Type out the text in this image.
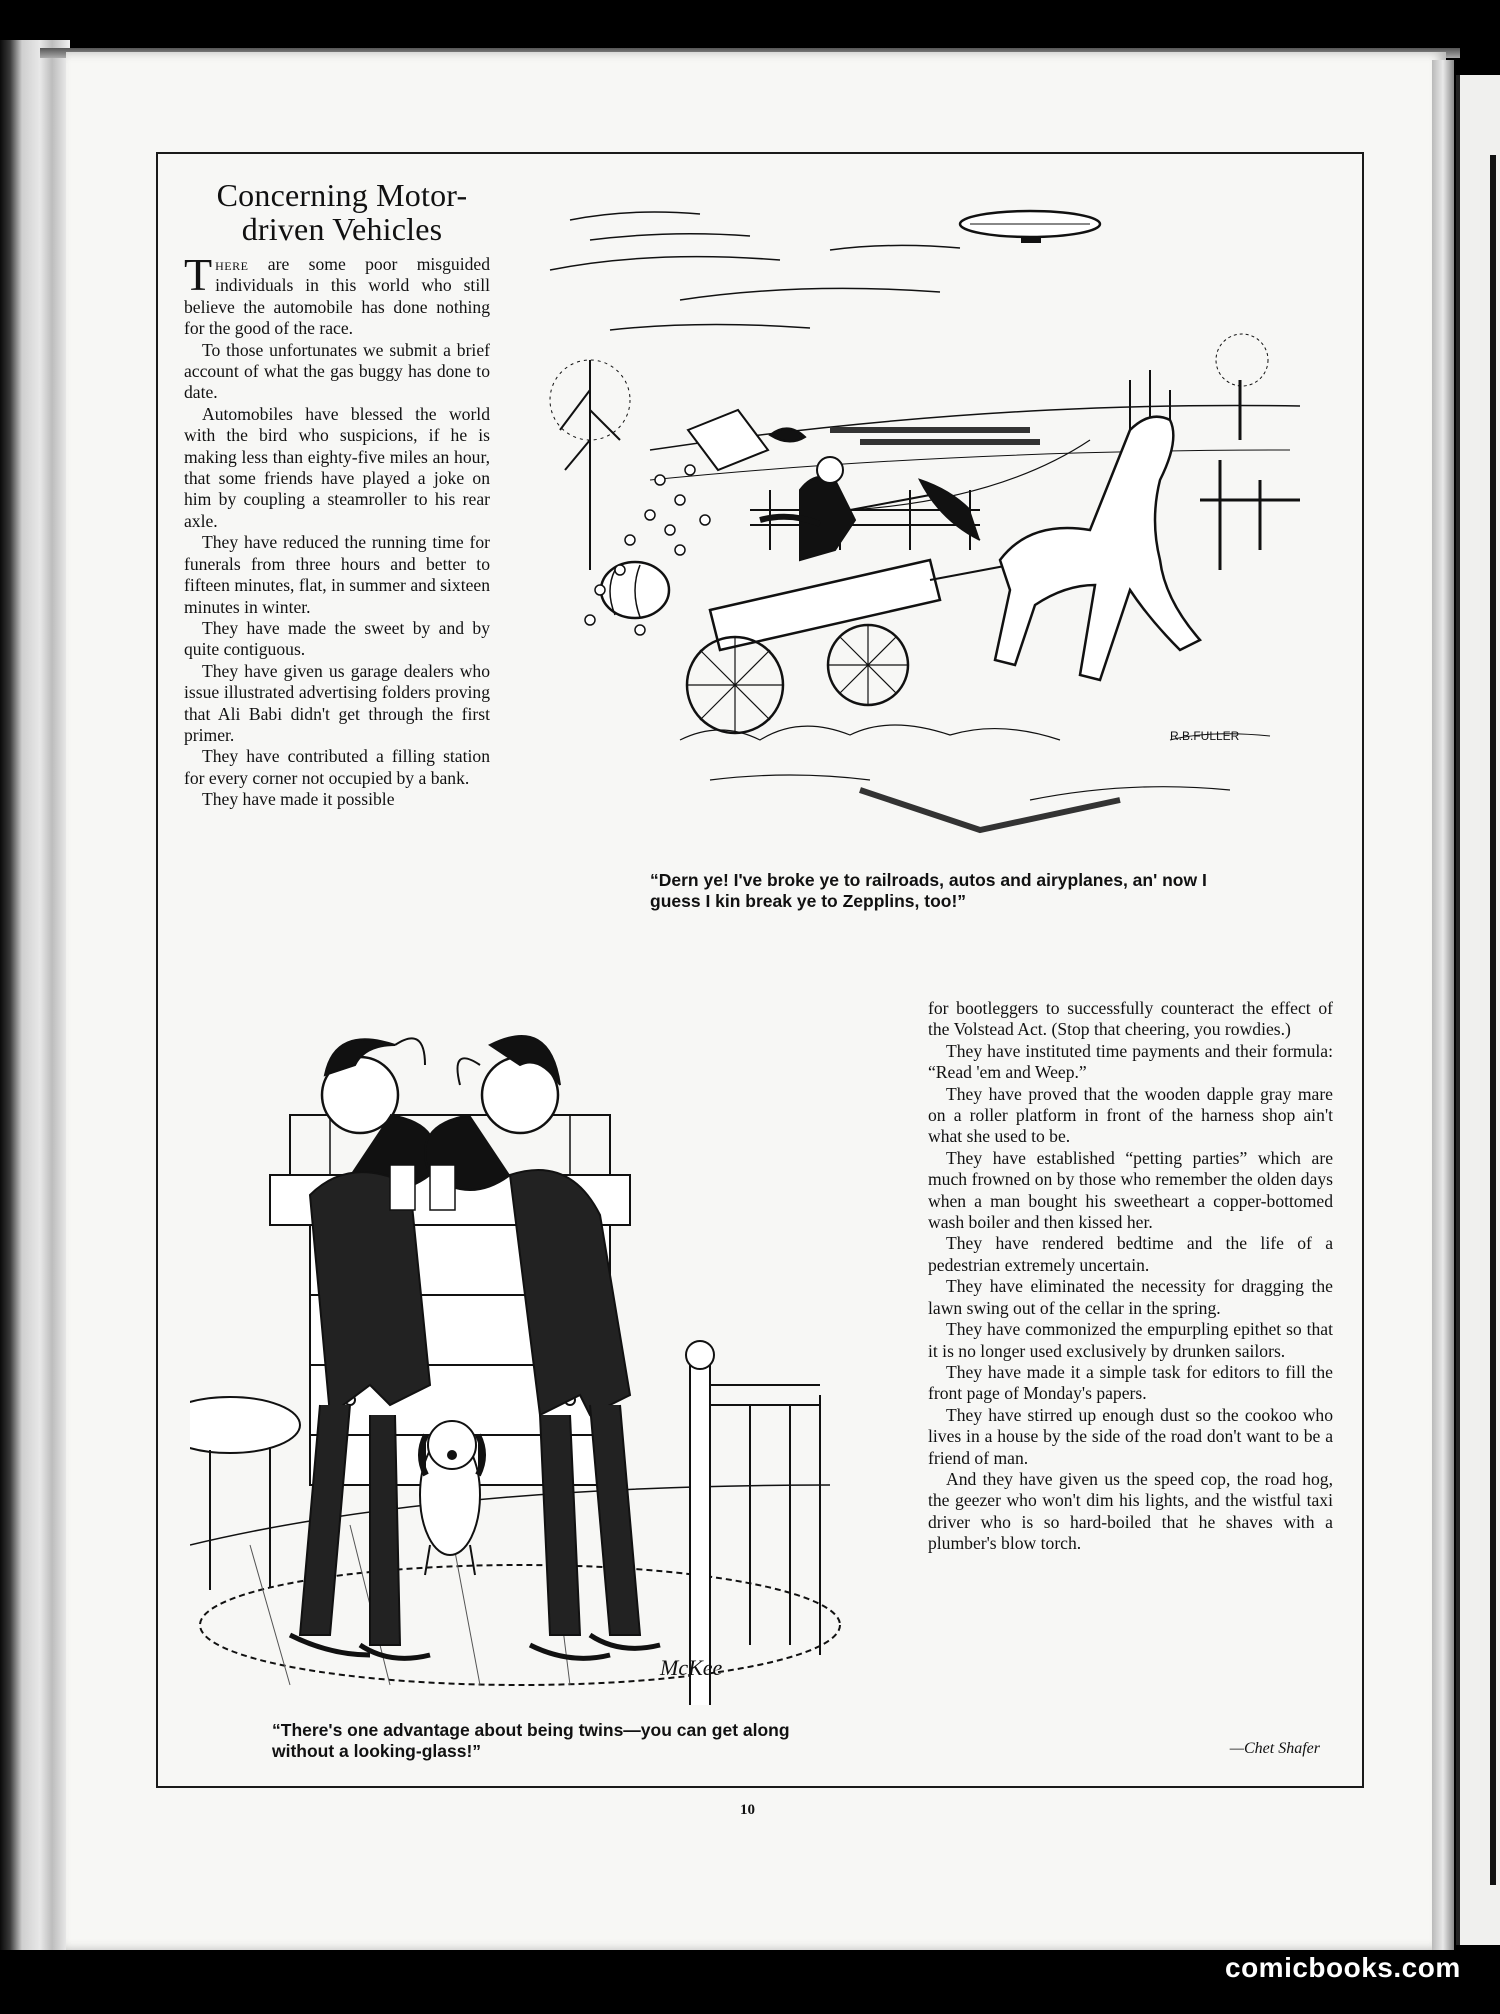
Concerning Motor-driven Vehicles

There are some poor misguided individuals in this world who still believe the automobile has done nothing for the good of the race.

To those unfortunates we submit a brief account of what the gas buggy has done to date.

Automobiles have blessed the world with the bird who suspicions, if he is making less than eighty-five miles an hour, that some friends have played a joke on him by coupling a steamroller to his rear axle.

They have reduced the running time for funerals from three hours and better to fifteen minutes, flat, in summer and sixteen minutes in winter.

They have made the sweet by and by quite contiguous.

They have given us garage dealers who issue illustrated advertising folders proving that Ali Babi didn't get through the first primer.

They have contributed a filling station for every corner not occupied by a bank.

They have made it possible

R.B.FULLER
“Dern ye! I've broke ye to railroads, autos and airyplanes, an' now I guess I kin break ye to Zepplins, too!”
McKee
“There's one advantage about being twins—you can get along without a looking-glass!”

for bootleggers to successfully counteract the effect of the Volstead Act. (Stop that cheering, you rowdies.)

They have instituted time payments and their formula: “Read 'em and Weep.”

They have proved that the wooden dapple gray mare on a roller platform in front of the harness shop ain't what she used to be.

They have established “petting parties” which are much frowned on by those who remember the olden days when a man bought his sweetheart a copper-bottomed wash boiler and then kissed her.

They have rendered bedtime and the life of a pedestrian extremely uncertain.

They have eliminated the necessity for dragging the lawn swing out of the cellar in the spring.

They have commonized the empurpling epithet so that it is no longer used exclusively by drunken sailors.

They have made it a simple task for editors to fill the front page of Monday's papers.

They have stirred up enough dust so the cookoo who lives in a house by the side of the road don't want to be a friend of man.

And they have given us the speed cop, the road hog, the geezer who won't dim his lights, and the wistful taxi driver who is so hard-boiled that he shaves with a plumber's blow torch.

—Chet Shafer
10
comicbooks.com
